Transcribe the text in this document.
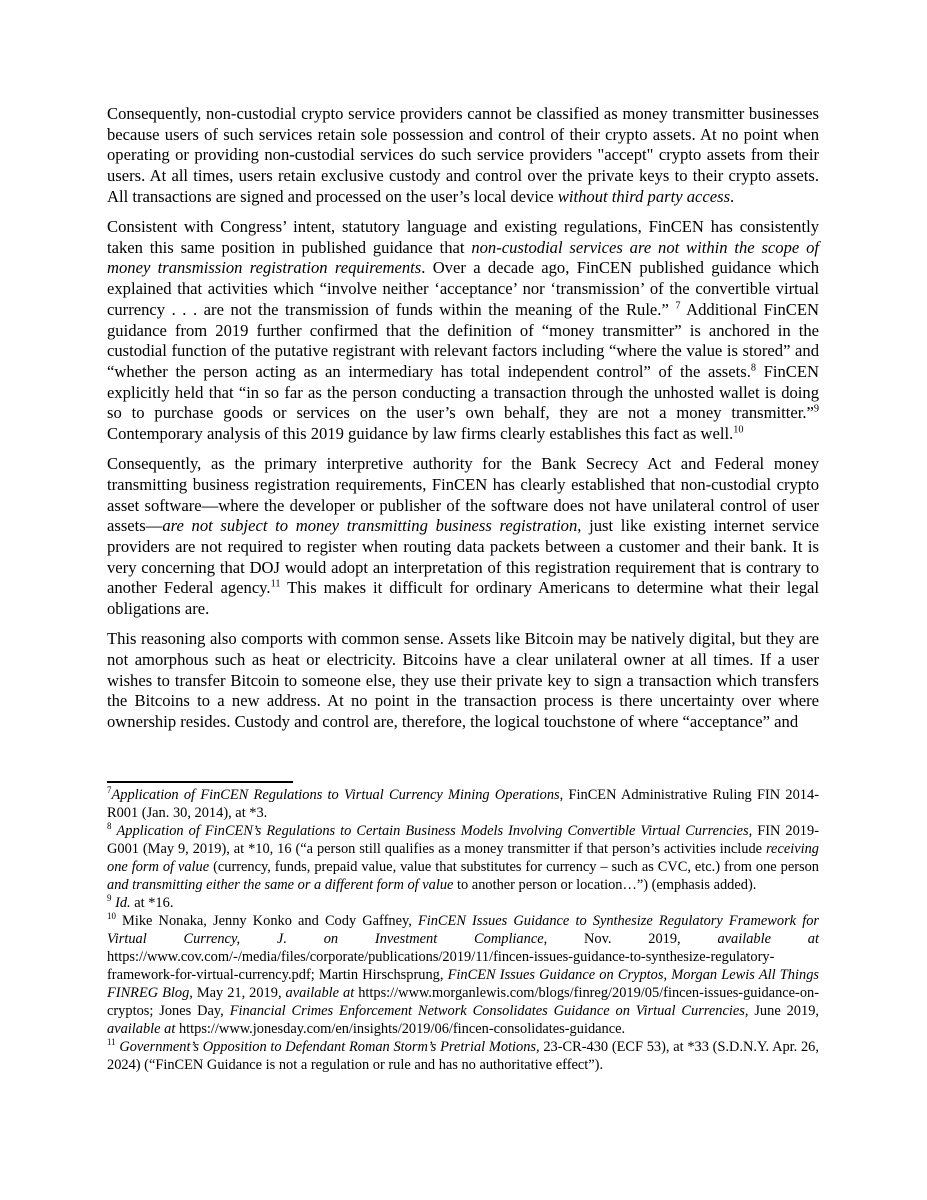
Consequently, non-custodial crypto service providers cannot be classified as money transmitter businesses because users of such services retain sole possession and control of their crypto assets. At no point when operating or providing non-custodial services do such service providers "accept" crypto assets from their users. At all times, users retain exclusive custody and control over the private keys to their crypto assets. All transactions are signed and processed on the user’s local device without third party access.

Consistent with Congress’ intent, statutory language and existing regulations, FinCEN has consistently taken this same position in published guidance that non-custodial services are not within the scope of money transmission registration requirements. Over a decade ago, FinCEN published guidance which explained that activities which “involve neither ‘acceptance’ nor ‘transmission’ of the convertible virtual currency . . . are not the transmission of funds within the meaning of the Rule.” $^7$ Additional FinCEN guidance from 2019 further confirmed that the definition of “money transmitter” is anchored in the custodial function of the putative registrant with relevant factors including “where the value is stored” and “whether the person acting as an intermediary has total independent control” of the assets.$^8$ FinCEN explicitly held that “in so far as the person conducting a transaction through the unhosted wallet is doing so to purchase goods or services on the user’s own behalf, they are not a money transmitter.”$^9$ Contemporary analysis of this 2019 guidance by law firms clearly establishes this fact as well.$^{10}$

Consequently, as the primary interpretive authority for the Bank Secrecy Act and Federal money transmitting business registration requirements, FinCEN has clearly established that non-custodial crypto asset software—where the developer or publisher of the software does not have unilateral control of user assets—are not subject to money transmitting business registration, just like existing internet service providers are not required to register when routing data packets between a customer and their bank. It is very concerning that DOJ would adopt an interpretation of this registration requirement that is contrary to another Federal agency.$^{11}$ This makes it difficult for ordinary Americans to determine what their legal obligations are.

This reasoning also comports with common sense. Assets like Bitcoin may be natively digital, but they are not amorphous such as heat or electricity. Bitcoins have a clear unilateral owner at all times. If a user wishes to transfer Bitcoin to someone else, they use their private key to sign a transaction which transfers the Bitcoins to a new address. At no point in the transaction process is there uncertainty over where ownership resides. Custody and control are, therefore, the logical touchstone of where “acceptance” and

$^7$Application of FinCEN Regulations to Virtual Currency Mining Operations, FinCEN Administrative Ruling FIN 2014-R001 (Jan. 30, 2014), at *3.

$^8$ Application of FinCEN’s Regulations to Certain Business Models Involving Convertible Virtual Currencies, FIN 2019-G001 (May 9, 2019), at *10, 16 (“a person still qualifies as a money transmitter if that person’s activities include receiving one form of value (currency, funds, prepaid value, value that substitutes for currency – such as CVC, etc.) from one person and transmitting either the same or a different form of value to another person or location…”) (emphasis added).

$^9$ Id. at *16.

$^{10}$ Mike Nonaka, Jenny Konko and Cody Gaffney, FinCEN Issues Guidance to Synthesize Regulatory Framework for Virtual Currency, J. on Investment Compliance, Nov. 2019, available at https://www.cov.com/-/media/files/corporate/publications/2019/11/fincen-issues-guidance-to-synthesize-regulatory-framework-for-virtual-currency.pdf; Martin Hirschsprung, FinCEN Issues Guidance on Cryptos, Morgan Lewis All Things FINREG Blog, May 21, 2019, available at https://www.morganlewis.com/blogs/finreg/2019/05/fincen-issues-guidance-on-cryptos; Jones Day, Financial Crimes Enforcement Network Consolidates Guidance on Virtual Currencies, June 2019, available at https://www.jonesday.com/en/insights/2019/06/fincen-consolidates-guidance.

$^{11}$ Government’s Opposition to Defendant Roman Storm’s Pretrial Motions, 23-CR-430 (ECF 53), at *33 (S.D.N.Y. Apr. 26, 2024) (“FinCEN Guidance is not a regulation or rule and has no authoritative effect”).
